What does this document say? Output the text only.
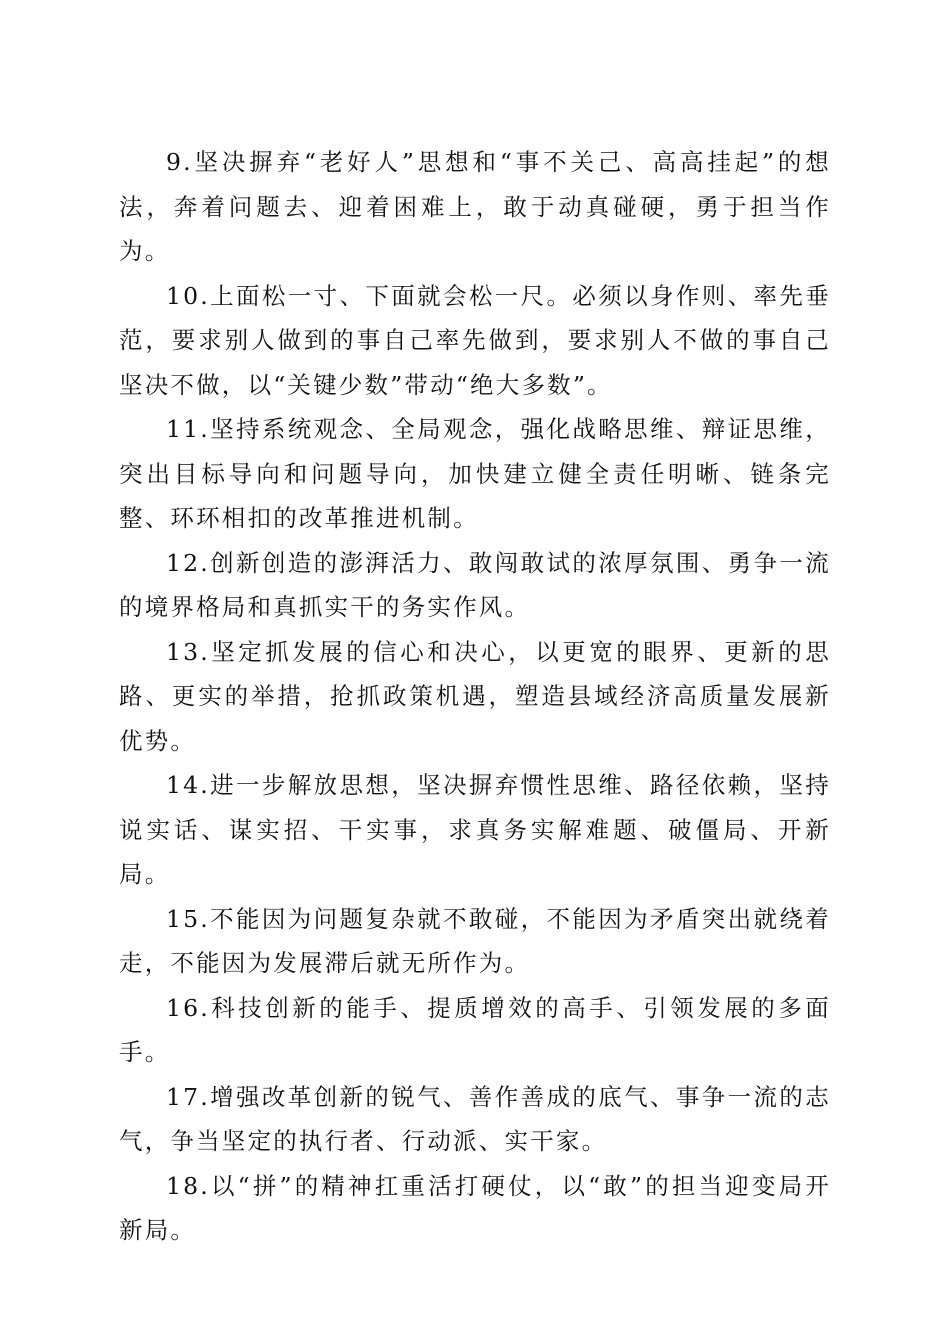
9.坚决摒弃“老好人”思想和“事不关己、高高挂起”的想法，奔着问题去、迎着困难上，敢于动真碰硬，勇于担当作为。

10.上面松一寸、下面就会松一尺。必须以身作则、率先垂范，要求别人做到的事自己率先做到，要求别人不做的事自己坚决不做，以“关键少数”带动“绝大多数”。

11.坚持系统观念、全局观念，强化战略思维、辩证思维，突出目标导向和问题导向，加快建立健全责任明晰、链条完整、环环相扣的改革推进机制。

12.创新创造的澎湃活力、敢闯敢试的浓厚氛围、勇争一流的境界格局和真抓实干的务实作风。

13.坚定抓发展的信心和决心，以更宽的眼界、更新的思路、更实的举措，抢抓政策机遇，塑造县域经济高质量发展新优势。

14.进一步解放思想，坚决摒弃惯性思维、路径依赖，坚持说实话、谋实招、干实事，求真务实解难题、破僵局、开新局。

15.不能因为问题复杂就不敢碰，不能因为矛盾突出就绕着走，不能因为发展滞后就无所作为。

16.科技创新的能手、提质增效的高手、引领发展的多面手。

17.增强改革创新的锐气、善作善成的底气、事争一流的志气，争当坚定的执行者、行动派、实干家。

18.以“拼”的精神扛重活打硬仗，以“敢”的担当迎变局开新局。
